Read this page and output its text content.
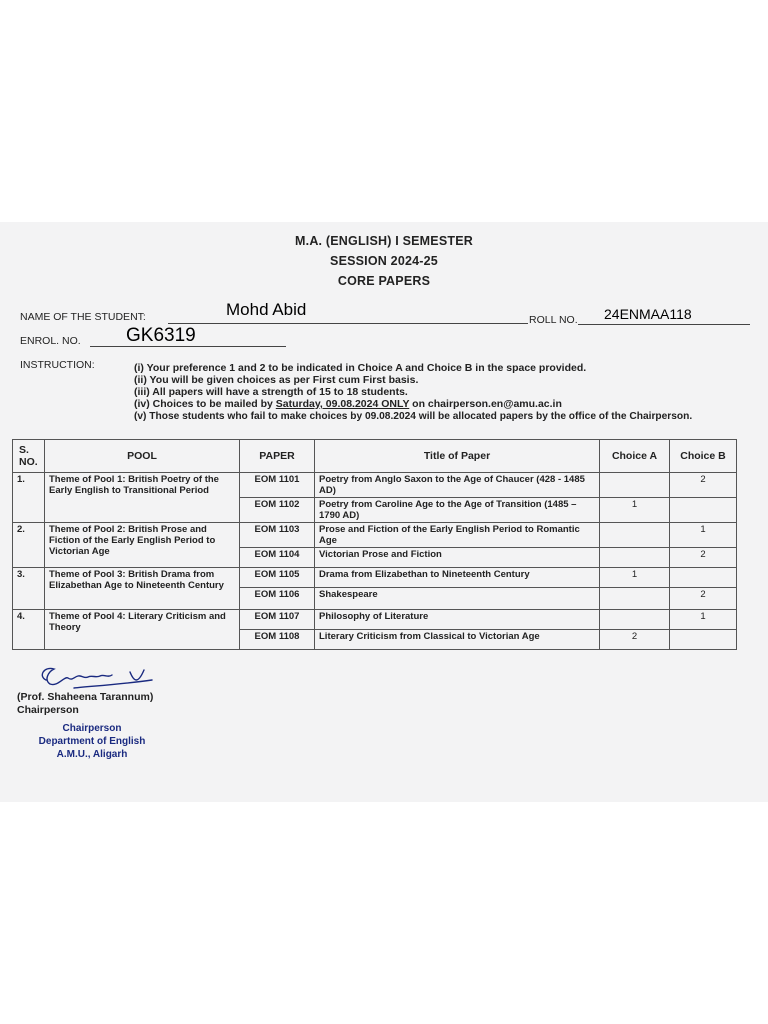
M.A. (ENGLISH) I SEMESTER
SESSION 2024-25
CORE PAPERS
NAME OF THE STUDENT:	Mohd Abid
ROLL NO. 24ENMAA118
ENROL. NO. GK6319
INSTRUCTION:	(i) Your preference 1 and 2 to be indicated in Choice A and Choice B in the space provided.
(ii) You will be given choices as per First cum First basis.
(iii) All papers will have a strength of 15 to 18 students.
(iv) Choices to be mailed by Saturday, 09.08.2024 ONLY on chairperson.en@amu.ac.in
(v) Those students who fail to make choices by 09.08.2024 will be allocated papers by the office of the Chairperson.
S. NO.	POOL	PAPER	Title of Paper	Choice A	Choice B
1.	Theme of Pool 1: British Poetry of the Early English to Transitional Period	EOM 1101	Poetry from Anglo Saxon to the Age of Chaucer (428 - 1485 AD)		2
		EOM 1102	Poetry from Caroline Age to the Age of Transition (1485 – 1790 AD)	1	
2.	Theme of Pool 2: British Prose and Fiction of the Early English Period to Victorian Age	EOM 1103	Prose and Fiction of the Early English Period to Romantic Age		1
		EOM 1104	Victorian Prose and Fiction		2
3.	Theme of Pool 3: British Drama from Elizabethan Age to Nineteenth Century	EOM 1105	Drama from Elizabethan to Nineteenth Century	1	
		EOM 1106	Shakespeare		2
4.	Theme of Pool 4: Literary Criticism and Theory	EOM 1107	Philosophy of Literature		1
		EOM 1108	Literary Criticism from Classical to Victorian Age	2	
(Prof. Shaheena Tarannum)
Chairperson
Chairperson
Department of English
A.M.U., Aligarh
